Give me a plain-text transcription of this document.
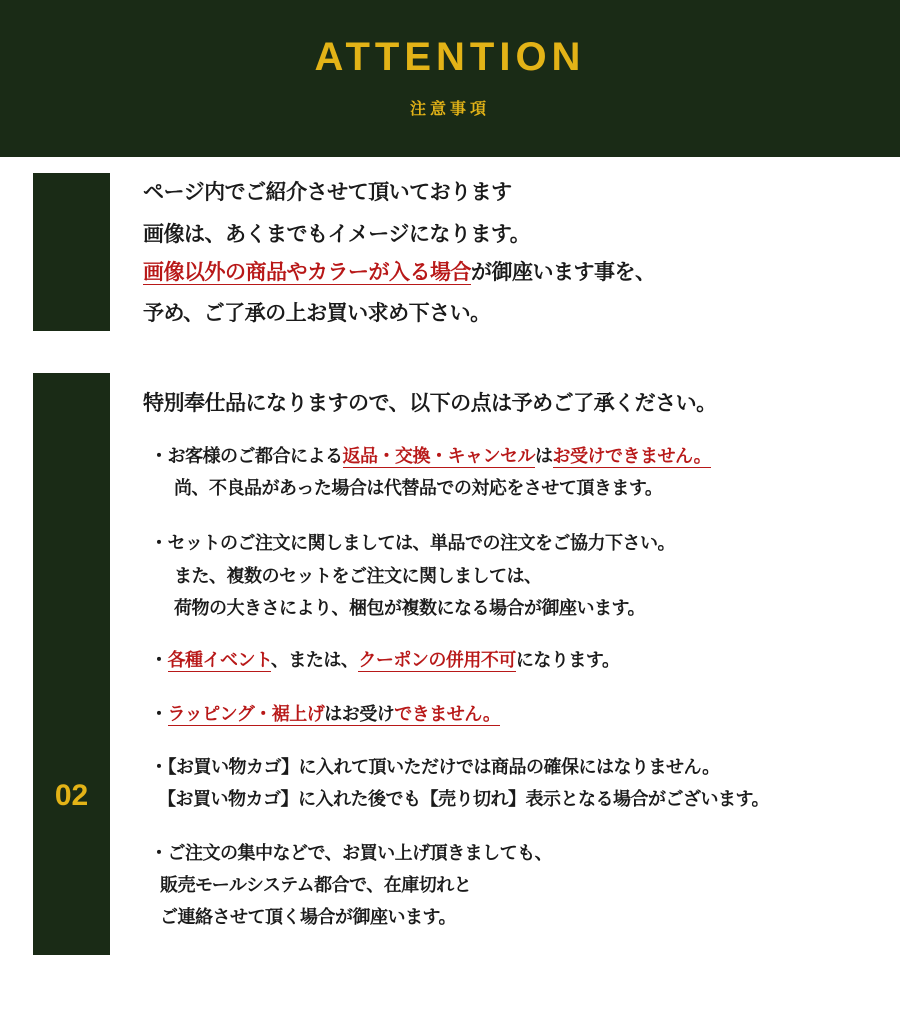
ATTENTION
注意事項
ページ内でご紹介させて頂いております
画像は、あくまでもイメージになります。
画像以外の商品やカラーが入る場合が御座います事を、
予め、ご了承の上お買い求め下さい。
02
特別奉仕品になりますので、以下の点は予めご了承ください。
・お客様のご都合による返品・交換・キャンセルはお受けできません。
尚、不良品があった場合は代替品での対応をさせて頂きます。
・セットのご注文に関しましては、単品での注文をご協力下さい。
また、複数のセットをご注文に関しましては、
荷物の大きさにより、梱包が複数になる場合が御座います。
・各種イベント、または、クーポンの併用不可になります。
・ラッピング・裾上げはお受けできません。
・【お買い物カゴ】に入れて頂いただけでは商品の確保にはなりません。
【お買い物カゴ】に入れた後でも【売り切れ】表示となる場合がございます。
・ご注文の集中などで、お買い上げ頂きましても、
販売モールシステム都合で、在庫切れと
ご連絡させて頂く場合が御座います。
